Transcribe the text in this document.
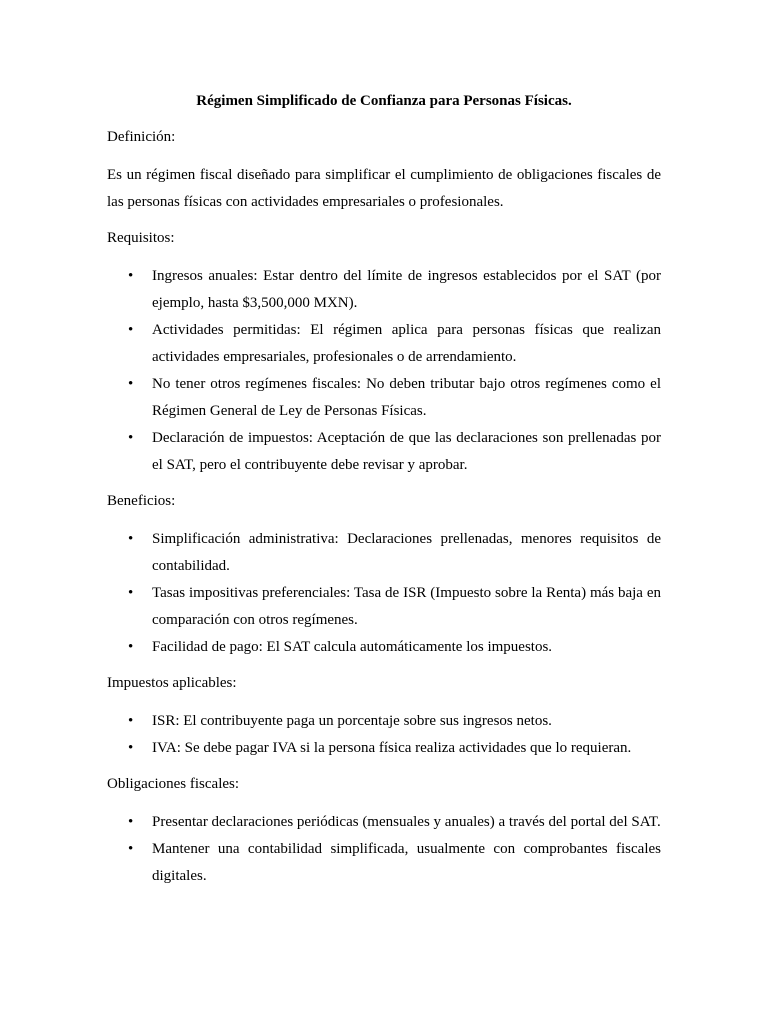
Régimen Simplificado de Confianza para Personas Físicas.

Definición:

Es un régimen fiscal diseñado para simplificar el cumplimiento de obligaciones fiscales de las personas físicas con actividades empresariales o profesionales.

Requisitos:

• Ingresos anuales: Estar dentro del límite de ingresos establecidos por el SAT (por ejemplo, hasta $3,500,000 MXN).
• Actividades permitidas: El régimen aplica para personas físicas que realizan actividades empresariales, profesionales o de arrendamiento.
• No tener otros regímenes fiscales: No deben tributar bajo otros regímenes como el Régimen General de Ley de Personas Físicas.
• Declaración de impuestos: Aceptación de que las declaraciones son prellenadas por el SAT, pero el contribuyente debe revisar y aprobar.

Beneficios:

• Simplificación administrativa: Declaraciones prellenadas, menores requisitos de contabilidad.
• Tasas impositivas preferenciales: Tasa de ISR (Impuesto sobre la Renta) más baja en comparación con otros regímenes.
• Facilidad de pago: El SAT calcula automáticamente los impuestos.

Impuestos aplicables:

• ISR: El contribuyente paga un porcentaje sobre sus ingresos netos.
• IVA: Se debe pagar IVA si la persona física realiza actividades que lo requieran.

Obligaciones fiscales:

• Presentar declaraciones periódicas (mensuales y anuales) a través del portal del SAT.
• Mantener una contabilidad simplificada, usualmente con comprobantes fiscales digitales.
